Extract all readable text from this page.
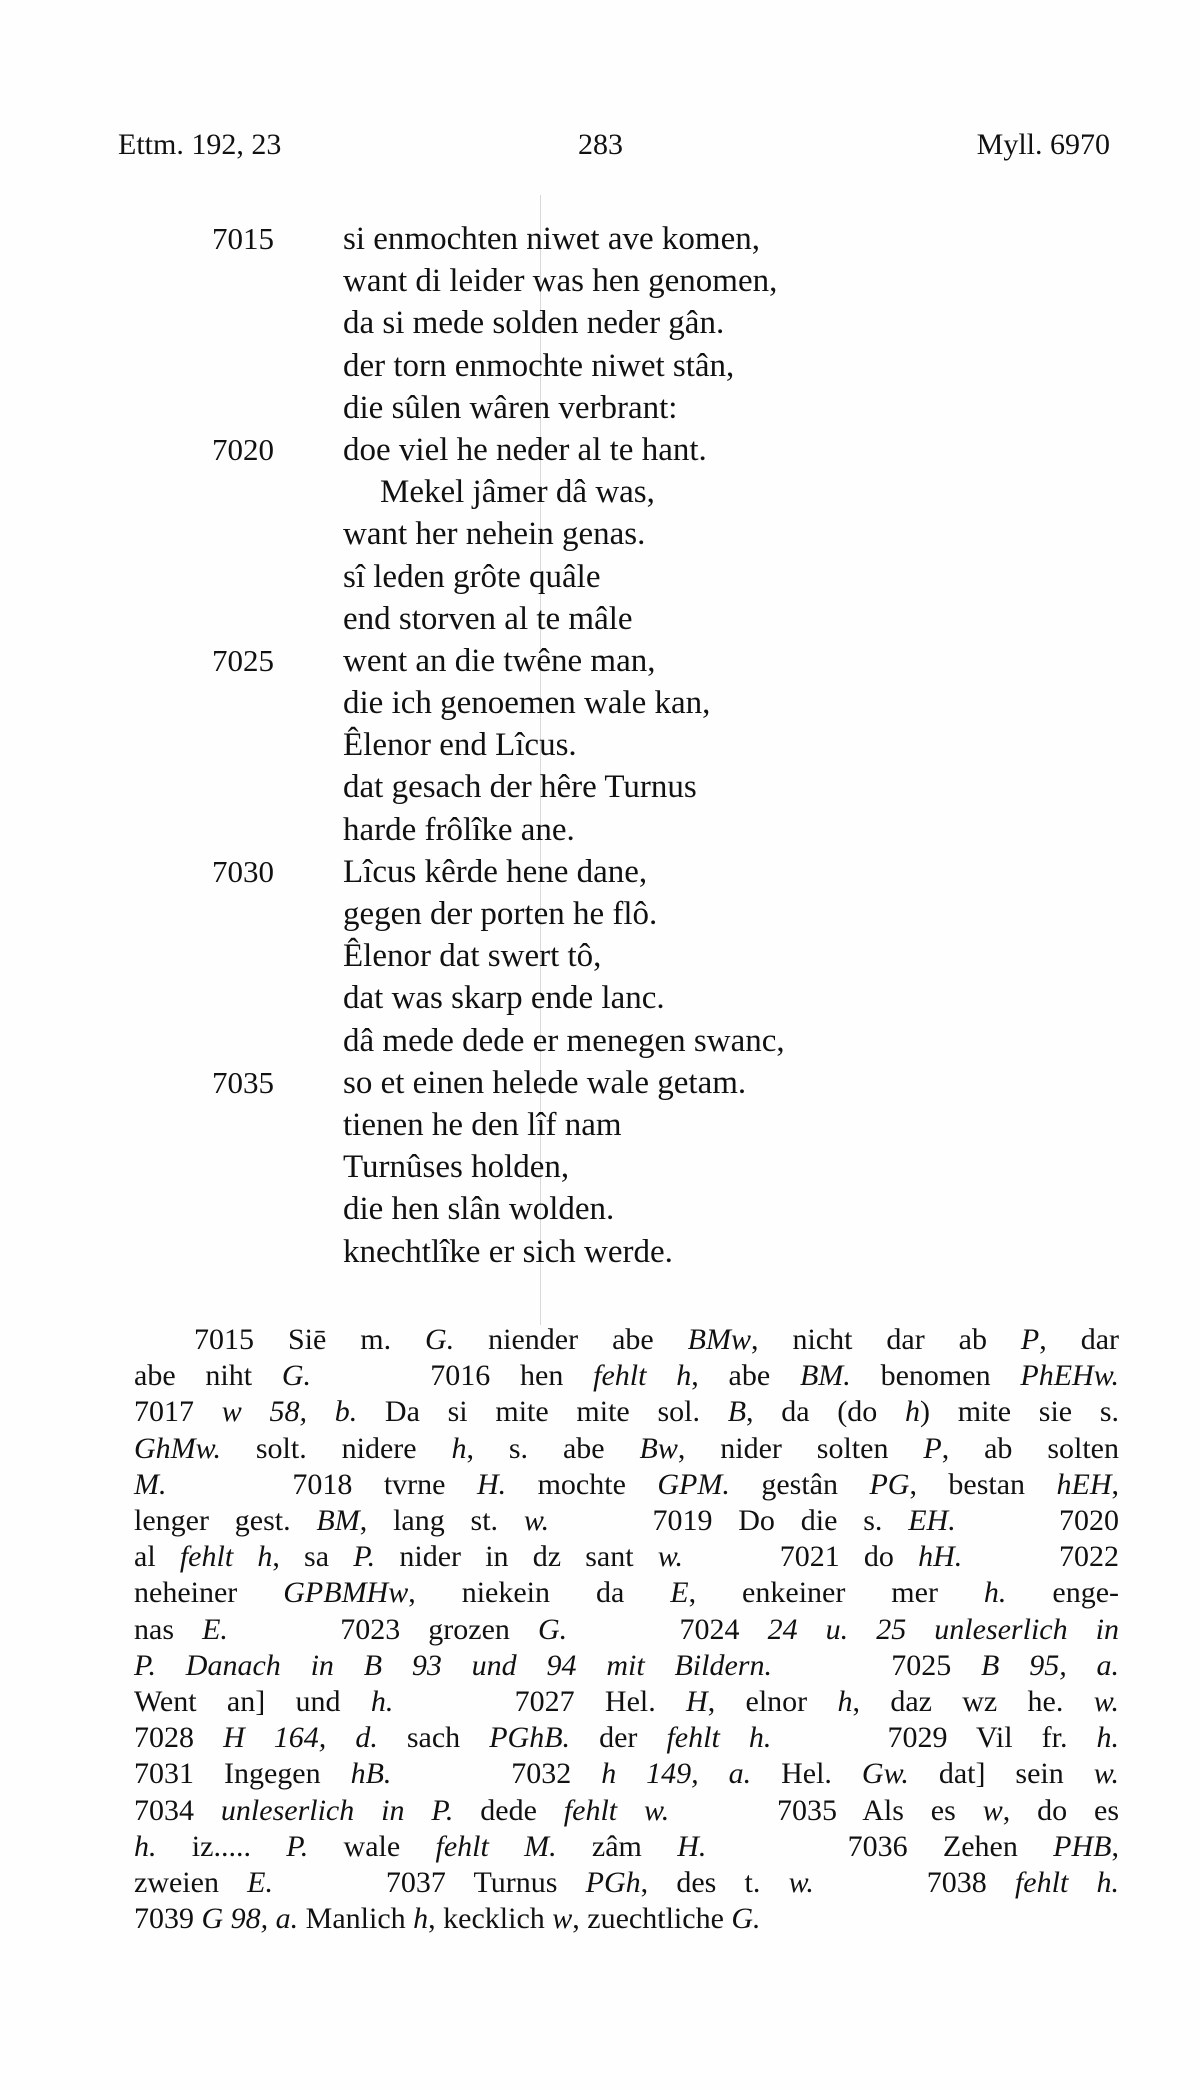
Ettm. 192, 23	283	Myll. 6970
7015	si enmochten niwet ave komen,
want di leider was hen genomen,
da si mede solden neder gân.
der torn enmochte niwet stân,
die sûlen wâren verbrant:
7020	doe viel he neder al te hant.
Mekel jâmer dâ was,
want her nehein genas.
sî leden grôte quâle
end storven al te mâle
7025	went an die twêne man,
die ich genoemen wale kan,
Êlenor end Lîcus.
dat gesach der hêre Turnus
harde frôlîke ane.
7030	Lîcus kêrde hene dane,
gegen der porten he flô.
Êlenor dat swert tô,
dat was skarp ende lanc.
dâ mede dede er menegen swanc,
7035	so et einen helede wale getam.
tienen he den lîf nam
Turnûses holden,
die hen slân wolden.
knechtlîke er sich werde.
7015 Siē m. G. niender abe BMw, nicht dar ab P, dar
abe niht G.    7016 hen fehlt h, abe BM. benomen PhEHw.
7017 w 58, b. Da si mite mite sol. B, da (do h) mite sie s.
GhMw. solt. nidere h, s. abe Bw, nider solten P, ab solten
M.    7018 tvrne H. mochte GPM. gestân PG, bestan hEH,
lenger gest. BM, lang st. w.    7019 Do die s. EH.    7020
al fehlt h, sa P. nider in dz sant w.    7021 do hH.    7022
neheiner GPBMHw, niekein da E, enkeiner mer h. enge-
nas E.    7023 grozen G.    7024 24 u. 25 unleserlich in
P. Danach in B 93 und 94 mit Bildern.    7025 B 95, a.
Went an] und h.    7027 Hel. H, elnor h, daz wz he. w.
7028 H 164, d. sach PGhB. der fehlt h.    7029 Vil fr. h.
7031 Ingegen hB.    7032 h 149, a. Hel. Gw. dat] sein w.
7034 unleserlich in P. dede fehlt w.    7035 Als es w, do es
h. iz..... P. wale fehlt M. zâm H.    7036 Zehen PHB,
zweien E.    7037 Turnus PGh, des t. w.    7038 fehlt h.
7039 G 98, a. Manlich h, kecklich w, zuechtliche G.
